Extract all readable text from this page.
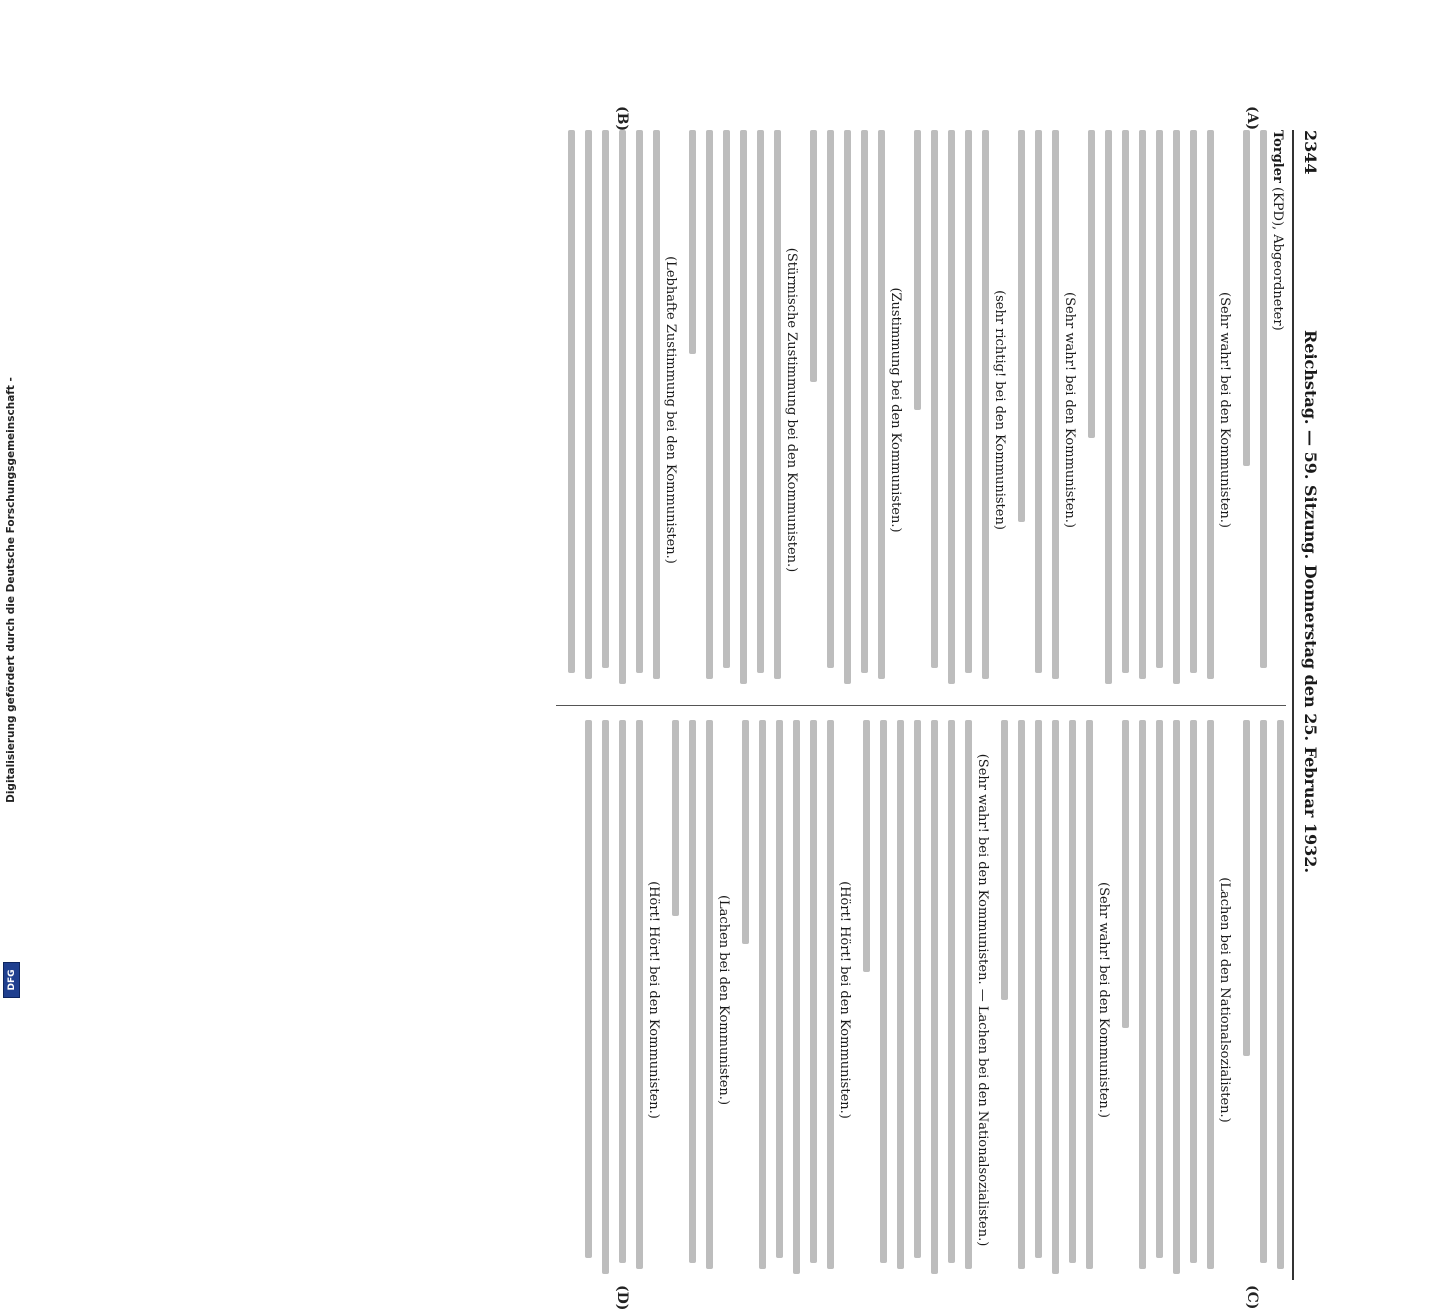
Digitalisierung gefördert durch die Deutsche Forschungsgemeinschaft -
DFG
2344
Reichstag. — 59. Sitzung. Donnerstag den 25. Februar 1932.

Torgler (KPD), Abgeordneter)

(Sehr wahr! bei den Kommunisten.)
(Sehr wahr! bei den Kommunisten.)
(sehr richtig! bei den Kommunisten)
(Zustimmung bei den Kommunisten.)
(Stürmische Zustimmung bei den Kommunisten.)
(Lebhafte Zustimmung bei den Kommunisten.)
(Lachen bei den Nationalsozialisten.)
(Sehr wahr! bei den Kommunisten.)
(Sehr wahr! bei den Kommunisten. — Lachen bei den Nationalsozialisten.)
(Hört! Hört! bei den Kommunisten.)
(Lachen bei den Kommunisten.)
(Hört! Hört! bei den Kommunisten.)
(A)
(B)
(C)
(D)
